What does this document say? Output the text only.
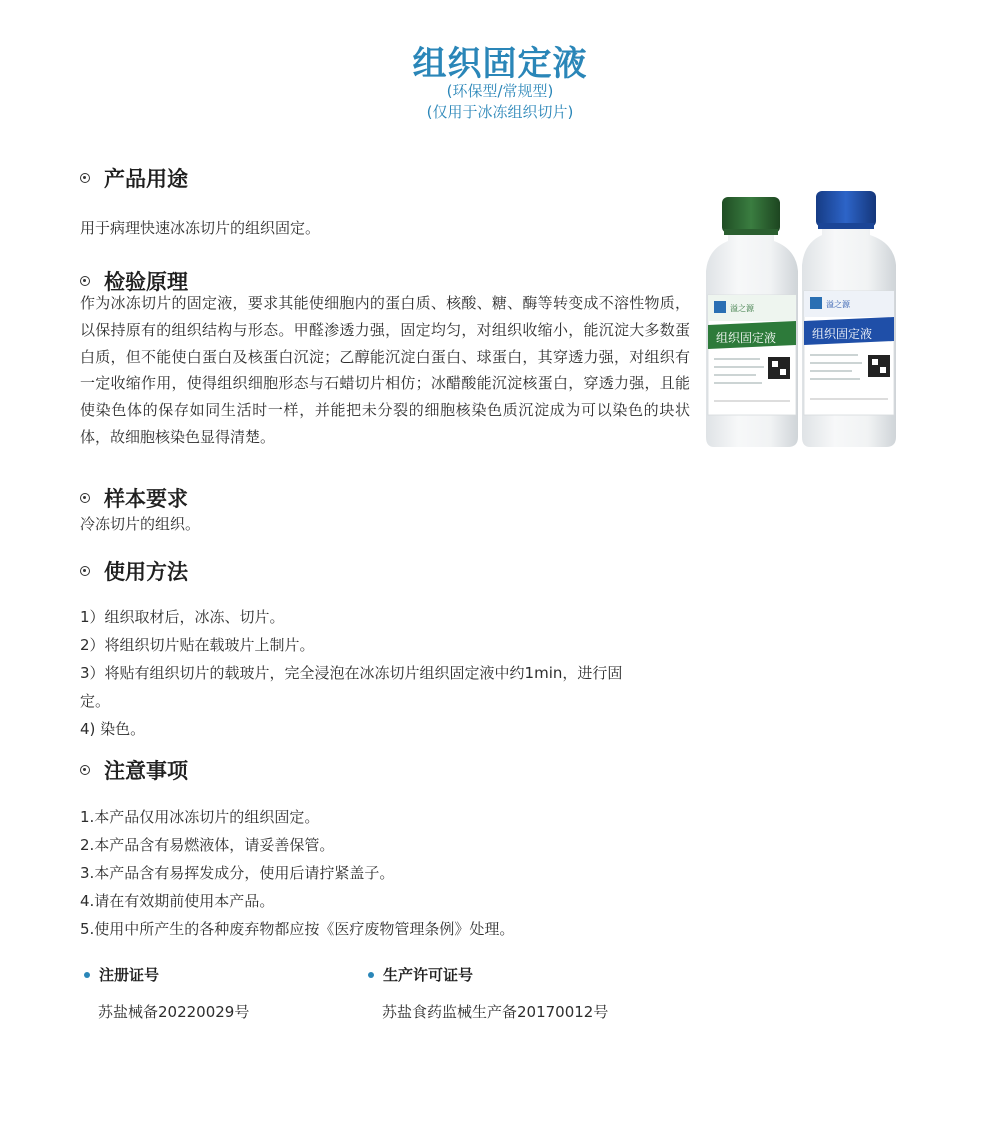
组织固定液
(环保型/常规型)
(仅用于冰冻组织切片)
产品用途
用于病理快速冰冻切片的组织固定。
检验原理
作为冰冻切片的固定液，要求其能使细胞内的蛋白质、核酸、糖、酶等转变成不溶性物质，以保持原有的组织结构与形态。甲醛渗透力强，固定均匀，对组织收缩小，能沉淀大多数蛋白质，但不能使白蛋白及核蛋白沉淀；乙醇能沉淀白蛋白、球蛋白，其穿透力强，对组织有一定收缩作用，使得组织细胞形态与石蜡切片相仿；冰醋酸能沉淀核蛋白，穿透力强，且能使染色体的保存如同生活时一样，并能把未分裂的细胞核染色质沉淀成为可以染色的块状体，故细胞核染色显得清楚。
溢之源
组织固定液
溢之源
组织固定液
样本要求
冷冻切片的组织。
使用方法
1）组织取材后，冰冻、切片。
2）将组织切片贴在载玻片上制片。
3）将贴有组织切片的载玻片，完全浸泡在冰冻切片组织固定液中约1min，进行固
定。
4) 染色。
注意事项
1.本产品仅用冰冻切片的组织固定。
2.本产品含有易燃液体，请妥善保管。
3.本产品含有易挥发成分，使用后请拧紧盖子。
4.请在有效期前使用本产品。
5.使用中所产生的各种废弃物都应按《医疗废物管理条例》处理。
注册证号
苏盐械备20220029号
生产许可证号
苏盐食药监械生产备20170012号
